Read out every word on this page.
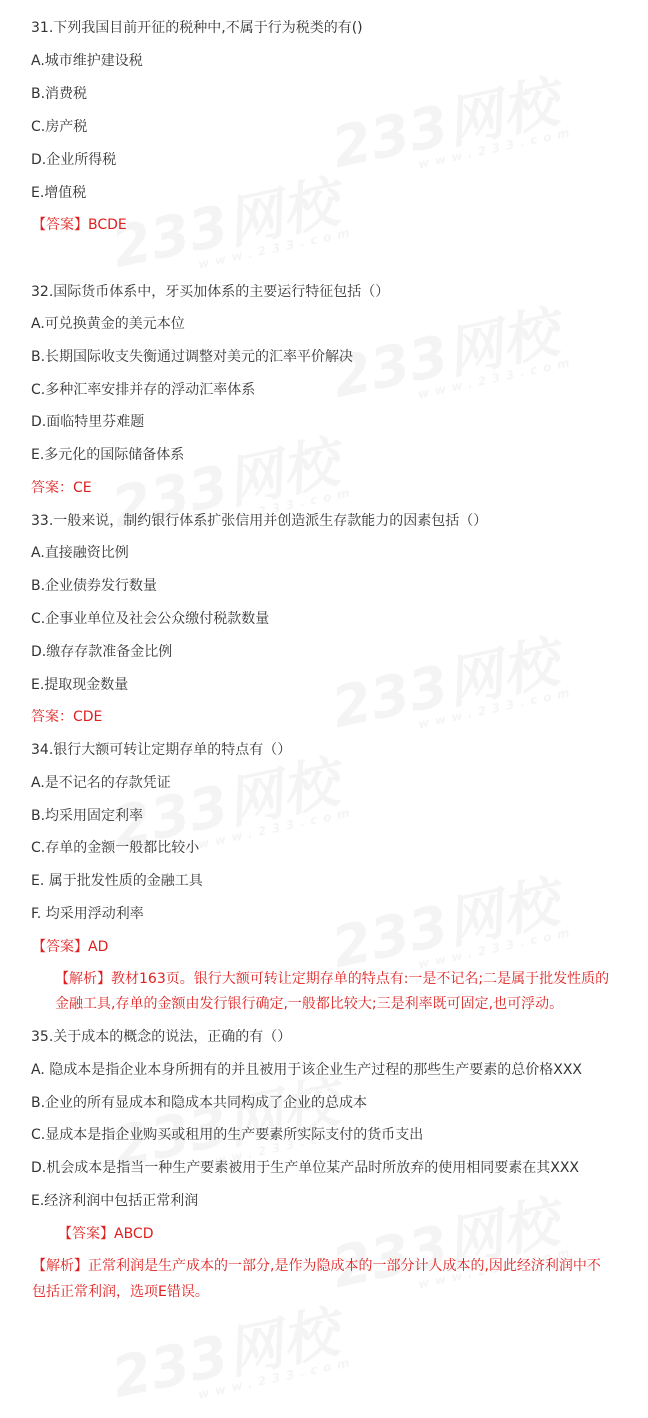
31.下列我国目前开征的税种中,不属于行为税类的有()
A.城市维护建设税
B.消费税
C.房产税
D.企业所得税
E.增值税
【答案】BCDE
32.国际货币体系中，牙买加体系的主要运行特征包括（）
A.可兑换黄金的美元本位
B.长期国际收支失衡通过调整对美元的汇率平价解决
C.多种汇率安排并存的浮动汇率体系
D.面临特里芬难题
E.多元化的国际储备体系
答案：CE
33.一般来说，制约银行体系扩张信用并创造派生存款能力的因素包括（）
A.直接融资比例
B.企业债券发行数量
C.企事业单位及社会公众缴付税款数量
D.缴存存款准备金比例
E.提取现金数量
答案：CDE
34.银行大额可转让定期存单的特点有（）
A.是不记名的存款凭证
B.均采用固定利率
C.存单的金额一般都比较小
E. 属于批发性质的金融工具
F. 均采用浮动利率
【答案】AD
【解析】教材163页。银行大额可转让定期存单的特点有:一是不记名;二是属于批发性质的
金融工具,存单的金额由发行银行确定,一般都比较大;三是利率既可固定,也可浮动。
35.关于成本的概念的说法，正确的有（）
A. 隐成本是指企业本身所拥有的并且被用于该企业生产过程的那些生产要素的总价格XXX
B.企业的所有显成本和隐成本共同构成了企业的总成本
C.显成本是指企业购买或租用的生产要素所实际支付的货币支出
D.机会成本是指当一种生产要素被用于生产单位某产品时所放弃的使用相同要素在其XXX
E.经济利润中包括正常利润
【答案】ABCD
【解析】正常利润是生产成本的一部分,是作为隐成本的一部分计人成本的,因此经济利润中不
包括正常利润，选项E错误。
